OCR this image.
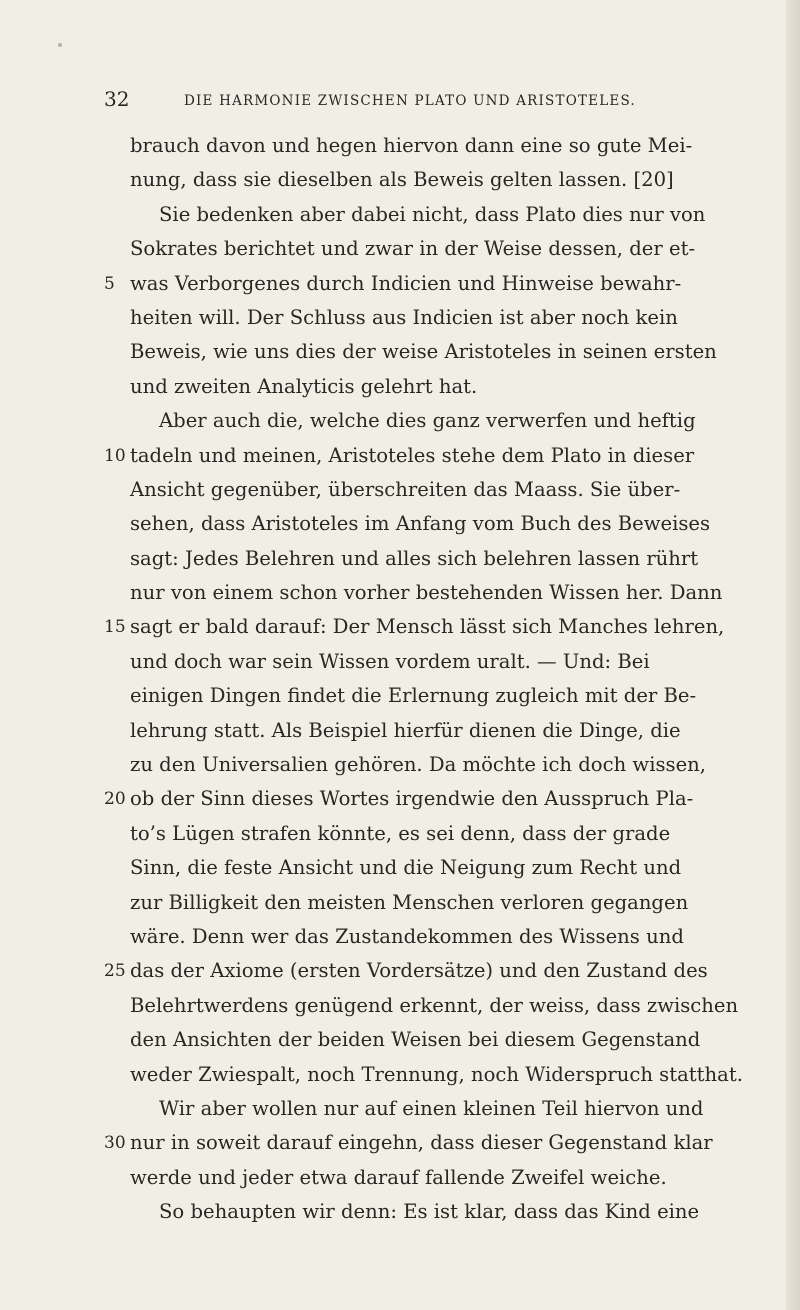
32	DIE HARMONIE ZWISCHEN PLATO UND ARISTOTELES.
brauch davon und hegen hiervon dann eine so gute Mei-
nung, dass sie dieselben als Beweis gelten lassen. [20]
Sie bedenken aber dabei nicht, dass Plato dies nur von
Sokrates berichtet und zwar in der Weise dessen, der et-
5 was Verborgenes durch Indicien und Hinweise bewahr-
heiten will. Der Schluss aus Indicien ist aber noch kein
Beweis, wie uns dies der weise Aristoteles in seinen ersten
und zweiten Analyticis gelehrt hat.
Aber auch die, welche dies ganz verwerfen und heftig
10 tadeln und meinen, Aristoteles stehe dem Plato in dieser
Ansicht gegenüber, überschreiten das Maass. Sie über-
sehen, dass Aristoteles im Anfang vom Buch des Beweises
sagt: Jedes Belehren und alles sich belehren lassen rührt
nur von einem schon vorher bestehenden Wissen her. Dann
15 sagt er bald darauf: Der Mensch lässt sich Manches lehren,
und doch war sein Wissen vordem uralt. — Und: Bei
einigen Dingen findet die Erlernung zugleich mit der Be-
lehrung statt. Als Beispiel hierfür dienen die Dinge, die
zu den Universalien gehören. Da möchte ich doch wissen,
20 ob der Sinn dieses Wortes irgendwie den Ausspruch Pla-
to’s Lügen strafen könnte, es sei denn, dass der grade
Sinn, die feste Ansicht und die Neigung zum Recht und
zur Billigkeit den meisten Menschen verloren gegangen
wäre. Denn wer das Zustandekommen des Wissens und
25 das der Axiome (ersten Vordersätze) und den Zustand des
Belehrtwerdens genügend erkennt, der weiss, dass zwischen
den Ansichten der beiden Weisen bei diesem Gegenstand
weder Zwiespalt, noch Trennung, noch Widerspruch statthat.
Wir aber wollen nur auf einen kleinen Teil hiervon und
30 nur in soweit darauf eingehn, dass dieser Gegenstand klar
werde und jeder etwa darauf fallende Zweifel weiche.
So behaupten wir denn: Es ist klar, dass das Kind eine
